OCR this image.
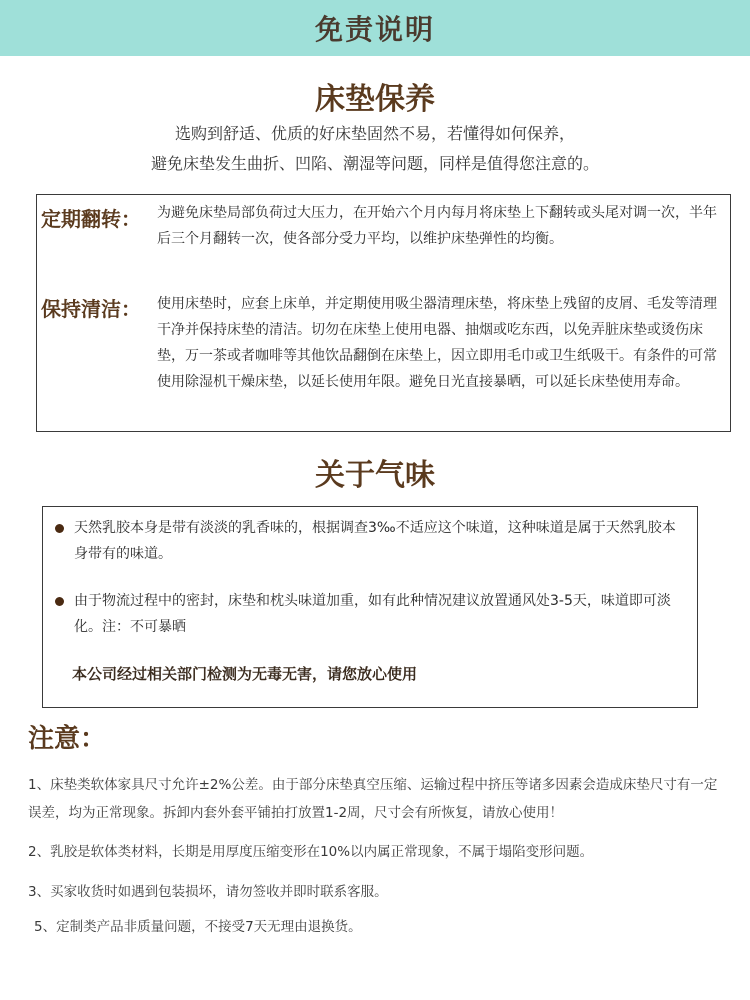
免责说明
床垫保养
选购到舒适、优质的好床垫固然不易，若懂得如何保养，
避免床垫发生曲折、凹陷、潮湿等问题，同样是值得您注意的。
定期翻转： 为避免床垫局部负荷过大压力，在开始六个月内每月将床垫上下翻转或头尾对调一次，半年后三个月翻转一次，使各部分受力平均，以维护床垫弹性的均衡。
保持清洁： 使用床垫时，应套上床单，并定期使用吸尘器清理床垫，将床垫上残留的皮屑、毛发等清理干净并保持床垫的清洁。切勿在床垫上使用电器、抽烟或吃东西，以免弄脏床垫或烫伤床垫，万一茶或者咖啡等其他饮品翻倒在床垫上，因立即用毛巾或卫生纸吸干。有条件的可常使用除湿机干燥床垫，以延长使用年限。避免日光直接暴晒，可以延长床垫使用寿命。
关于气味
天然乳胶本身是带有淡淡的乳香味的，根据调查3‰不适应这个味道，这种味道是属于天然乳胶本身带有的味道。
由于物流过程中的密封，床垫和枕头味道加重，如有此种情况建议放置通风处3-5天，味道即可淡化。注：不可暴晒
本公司经过相关部门检测为无毒无害，请您放心使用
注意：
1、床垫类软体家具尺寸允许±2%公差。由于部分床垫真空压缩、运输过程中挤压等诸多因素会造成床垫尺寸有一定误差，均为正常现象。拆卸内套外套平铺拍打放置1-2周，尺寸会有所恢复，请放心使用！
2、乳胶是软体类材料，长期是用厚度压缩变形在10%以内属正常现象，不属于塌陷变形问题。
3、买家收货时如遇到包装损坏，请勿签收并即时联系客服。
5、定制类产品非质量问题，不接受7天无理由退换货。
